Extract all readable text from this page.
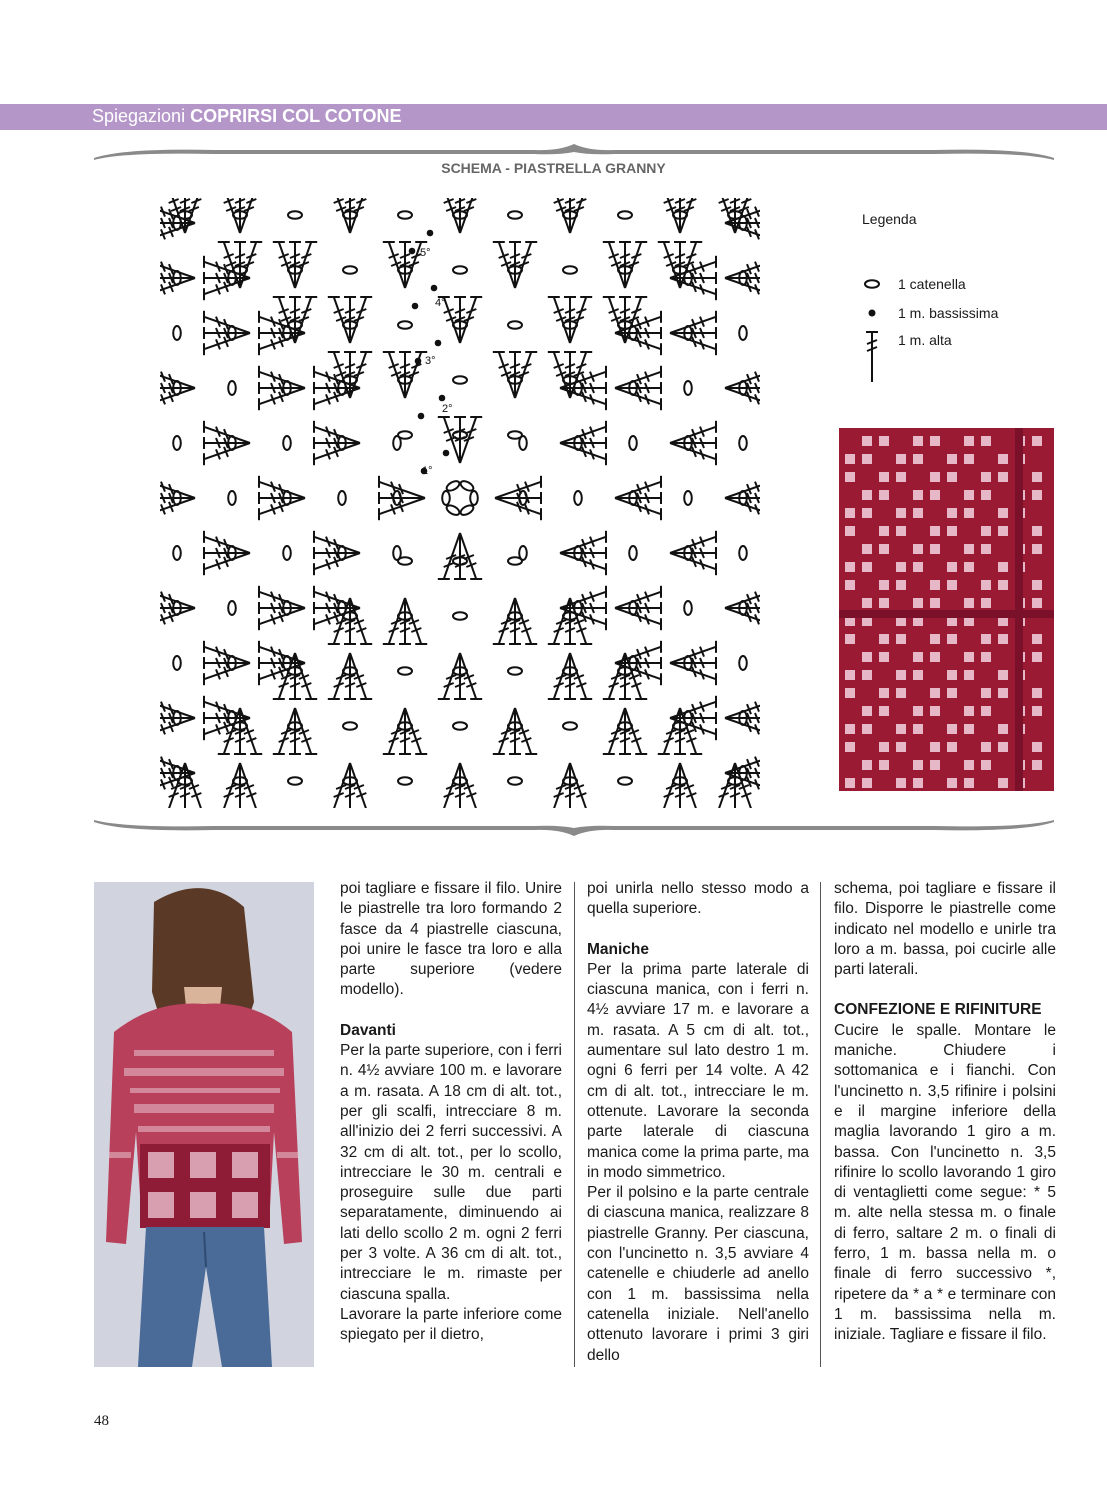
Spiegazioni COPRIRSI COL COTONE
SCHEMA - PIASTRELLA GRANNY
5°
4°
3°
2°
1°
Legenda
1 catenella
1 m. bassissima
1 m. alta

poi tagliare e fissare il filo. Unire le piastrelle tra loro formando 2 fasce da 4 piastrelle ciascuna, poi unire le fasce tra loro e alla parte superiore (vedere modello).

Davanti

Per la parte superiore, con i ferri n. 4½ avviare 100 m. e lavorare a m. rasata. A 18 cm di alt. tot., per gli scalfi, intrecciare 8 m. all'inizio dei 2 ferri successivi. A 32 cm di alt. tot., per lo scollo, intrecciare le 30 m. centrali e proseguire sulle due parti separatamente, diminuendo ai lati dello scollo 2 m. ogni 2 ferri per 3 volte. A 36 cm di alt. tot., intrecciare le m. rimaste per ciascuna spalla.

Lavorare la parte inferiore come spiegato per il dietro,

poi unirla nello stesso modo a quella superiore.

Maniche

Per la prima parte laterale di ciascuna manica, con i ferri n. 4½ avviare 17 m. e lavorare a m. rasata. A 5 cm di alt. tot., aumentare sul lato destro 1 m. ogni 6 ferri per 14 volte. A 42 cm di alt. tot., intrecciare le m. ottenute. Lavorare la seconda parte laterale di ciascuna manica come la prima parte, ma in modo simmetrico.

Per il polsino e la parte centrale di ciascuna manica, realizzare 8 piastrelle Granny. Per ciascuna, con l'uncinetto n. 3,5 avviare 4 catenelle e chiuderle ad anello con 1 m. bassissima nella catenella iniziale. Nell'anello ottenuto lavorare i primi 3 giri dello

schema, poi tagliare e fissare il filo. Disporre le piastrelle come indicato nel modello e unirle tra loro a m. bassa, poi cucirle alle parti laterali.

CONFEZIONE E RIFINITURE

Cucire le spalle. Montare le maniche. Chiudere i sottomanica e i fianchi. Con l'uncinetto n. 3,5 rifinire i polsini e il margine inferiore della maglia lavorando 1 giro a m. bassa. Con l'uncinetto n. 3,5 rifinire lo scollo lavorando 1 giro di ventaglietti come segue: * 5 m. alte nella stessa m. o finale di ferro, saltare 2 m. o finali di ferro, 1 m. bassa nella m. o finale di ferro successivo *, ripetere da * a * e terminare con 1 m. bassissima nella m. iniziale. Tagliare e fissare il filo.

48
